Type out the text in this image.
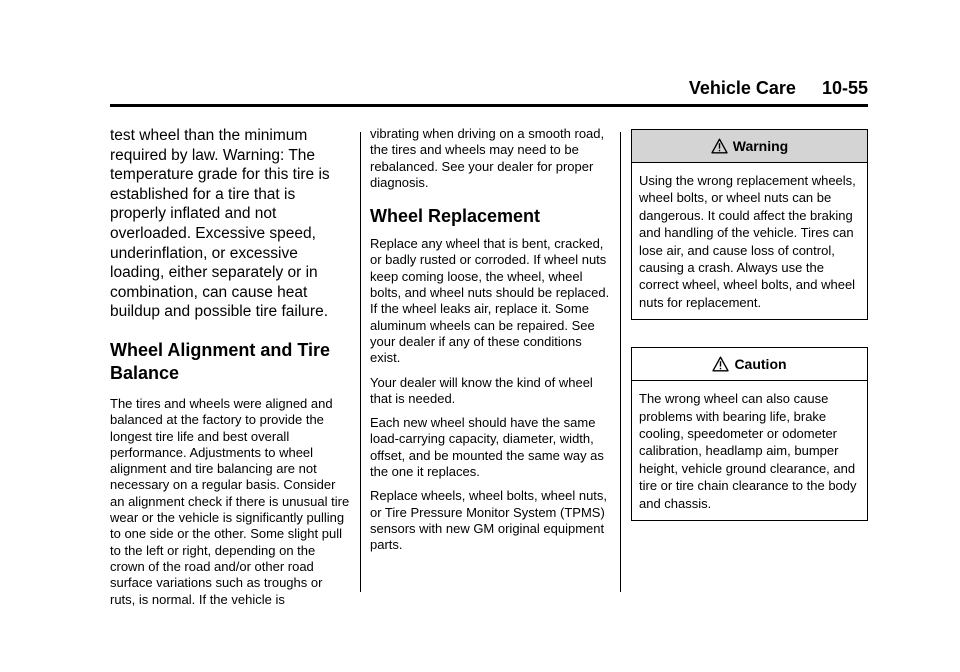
Vehicle Care 10-55

test wheel than the minimum required by law. Warning: The temperature grade for this tire is established for a tire that is properly inflated and not overloaded. Excessive speed, underinflation, or excessive loading, either separately or in combination, can cause heat buildup and possible tire failure.

Wheel Alignment and Tire Balance

The tires and wheels were aligned and balanced at the factory to provide the longest tire life and best overall performance. Adjustments to wheel alignment and tire balancing are not necessary on a regular basis. Consider an alignment check if there is unusual tire wear or the vehicle is significantly pulling to one side or the other. Some slight pull to the left or right, depending on the crown of the road and/or other road surface variations such as troughs or ruts, is normal. If the vehicle is

vibrating when driving on a smooth road, the tires and wheels may need to be rebalanced. See your dealer for proper diagnosis.

Wheel Replacement

Replace any wheel that is bent, cracked, or badly rusted or corroded. If wheel nuts keep coming loose, the wheel, wheel bolts, and wheel nuts should be replaced.

If the wheel leaks air, replace it. Some aluminum wheels can be repaired. See your dealer if any of these conditions exist.

Your dealer will know the kind of wheel that is needed.

Each new wheel should have the same load-carrying capacity, diameter, width, offset, and be mounted the same way as the one it replaces.

Replace wheels, wheel bolts, wheel nuts, or Tire Pressure Monitor System (TPMS) sensors with new GM original equipment parts.

Warning
Using the wrong replacement wheels, wheel bolts, or wheel nuts can be dangerous. It could affect the braking and handling of the vehicle. Tires can lose air, and cause loss of control, causing a crash. Always use the correct wheel, wheel bolts, and wheel nuts for replacement.
Caution
The wrong wheel can also cause problems with bearing life, brake cooling, speedometer or odometer calibration, headlamp aim, bumper height, vehicle ground clearance, and tire or tire chain clearance to the body and chassis.
